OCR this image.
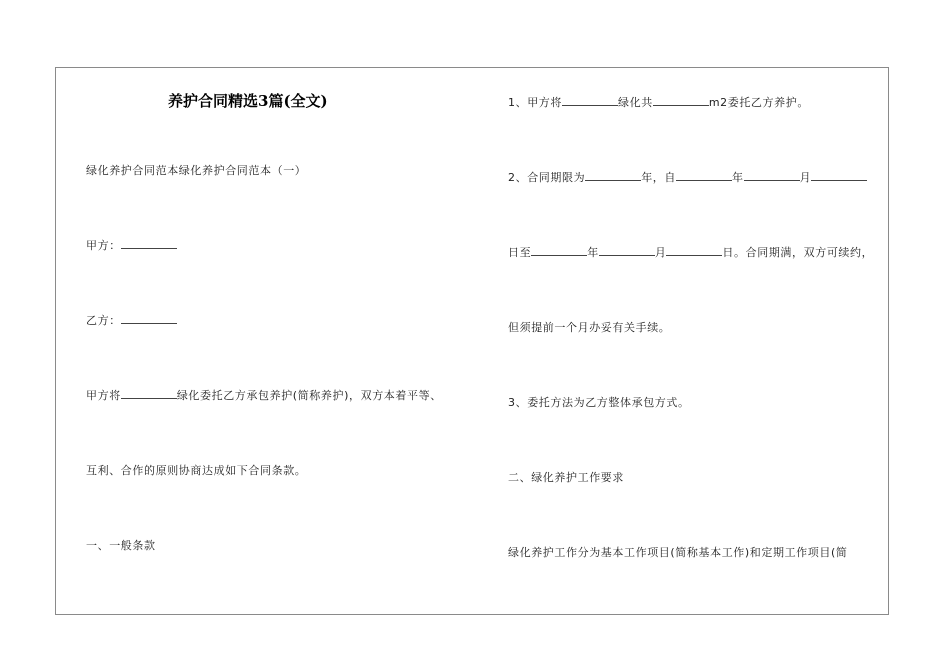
养护合同精选3篇(全文)
绿化养护合同范本绿化养护合同范本（一）
甲方：
乙方：
甲方将	绿化委托乙方承包养护(简称养护)，双方本着平等、
互利、合作的原则协商达成如下合同条款。
一、一般条款
1、甲方将	绿化共	m2委托乙方养护。
2、合同期限为	年，自	年	月
日至	年	月	日。合同期满，双方可续约，
但须提前一个月办妥有关手续。
3、委托方法为乙方整体承包方式。
二、绿化养护工作要求
绿化养护工作分为基本工作项目(简称基本工作)和定期工作项目(简
